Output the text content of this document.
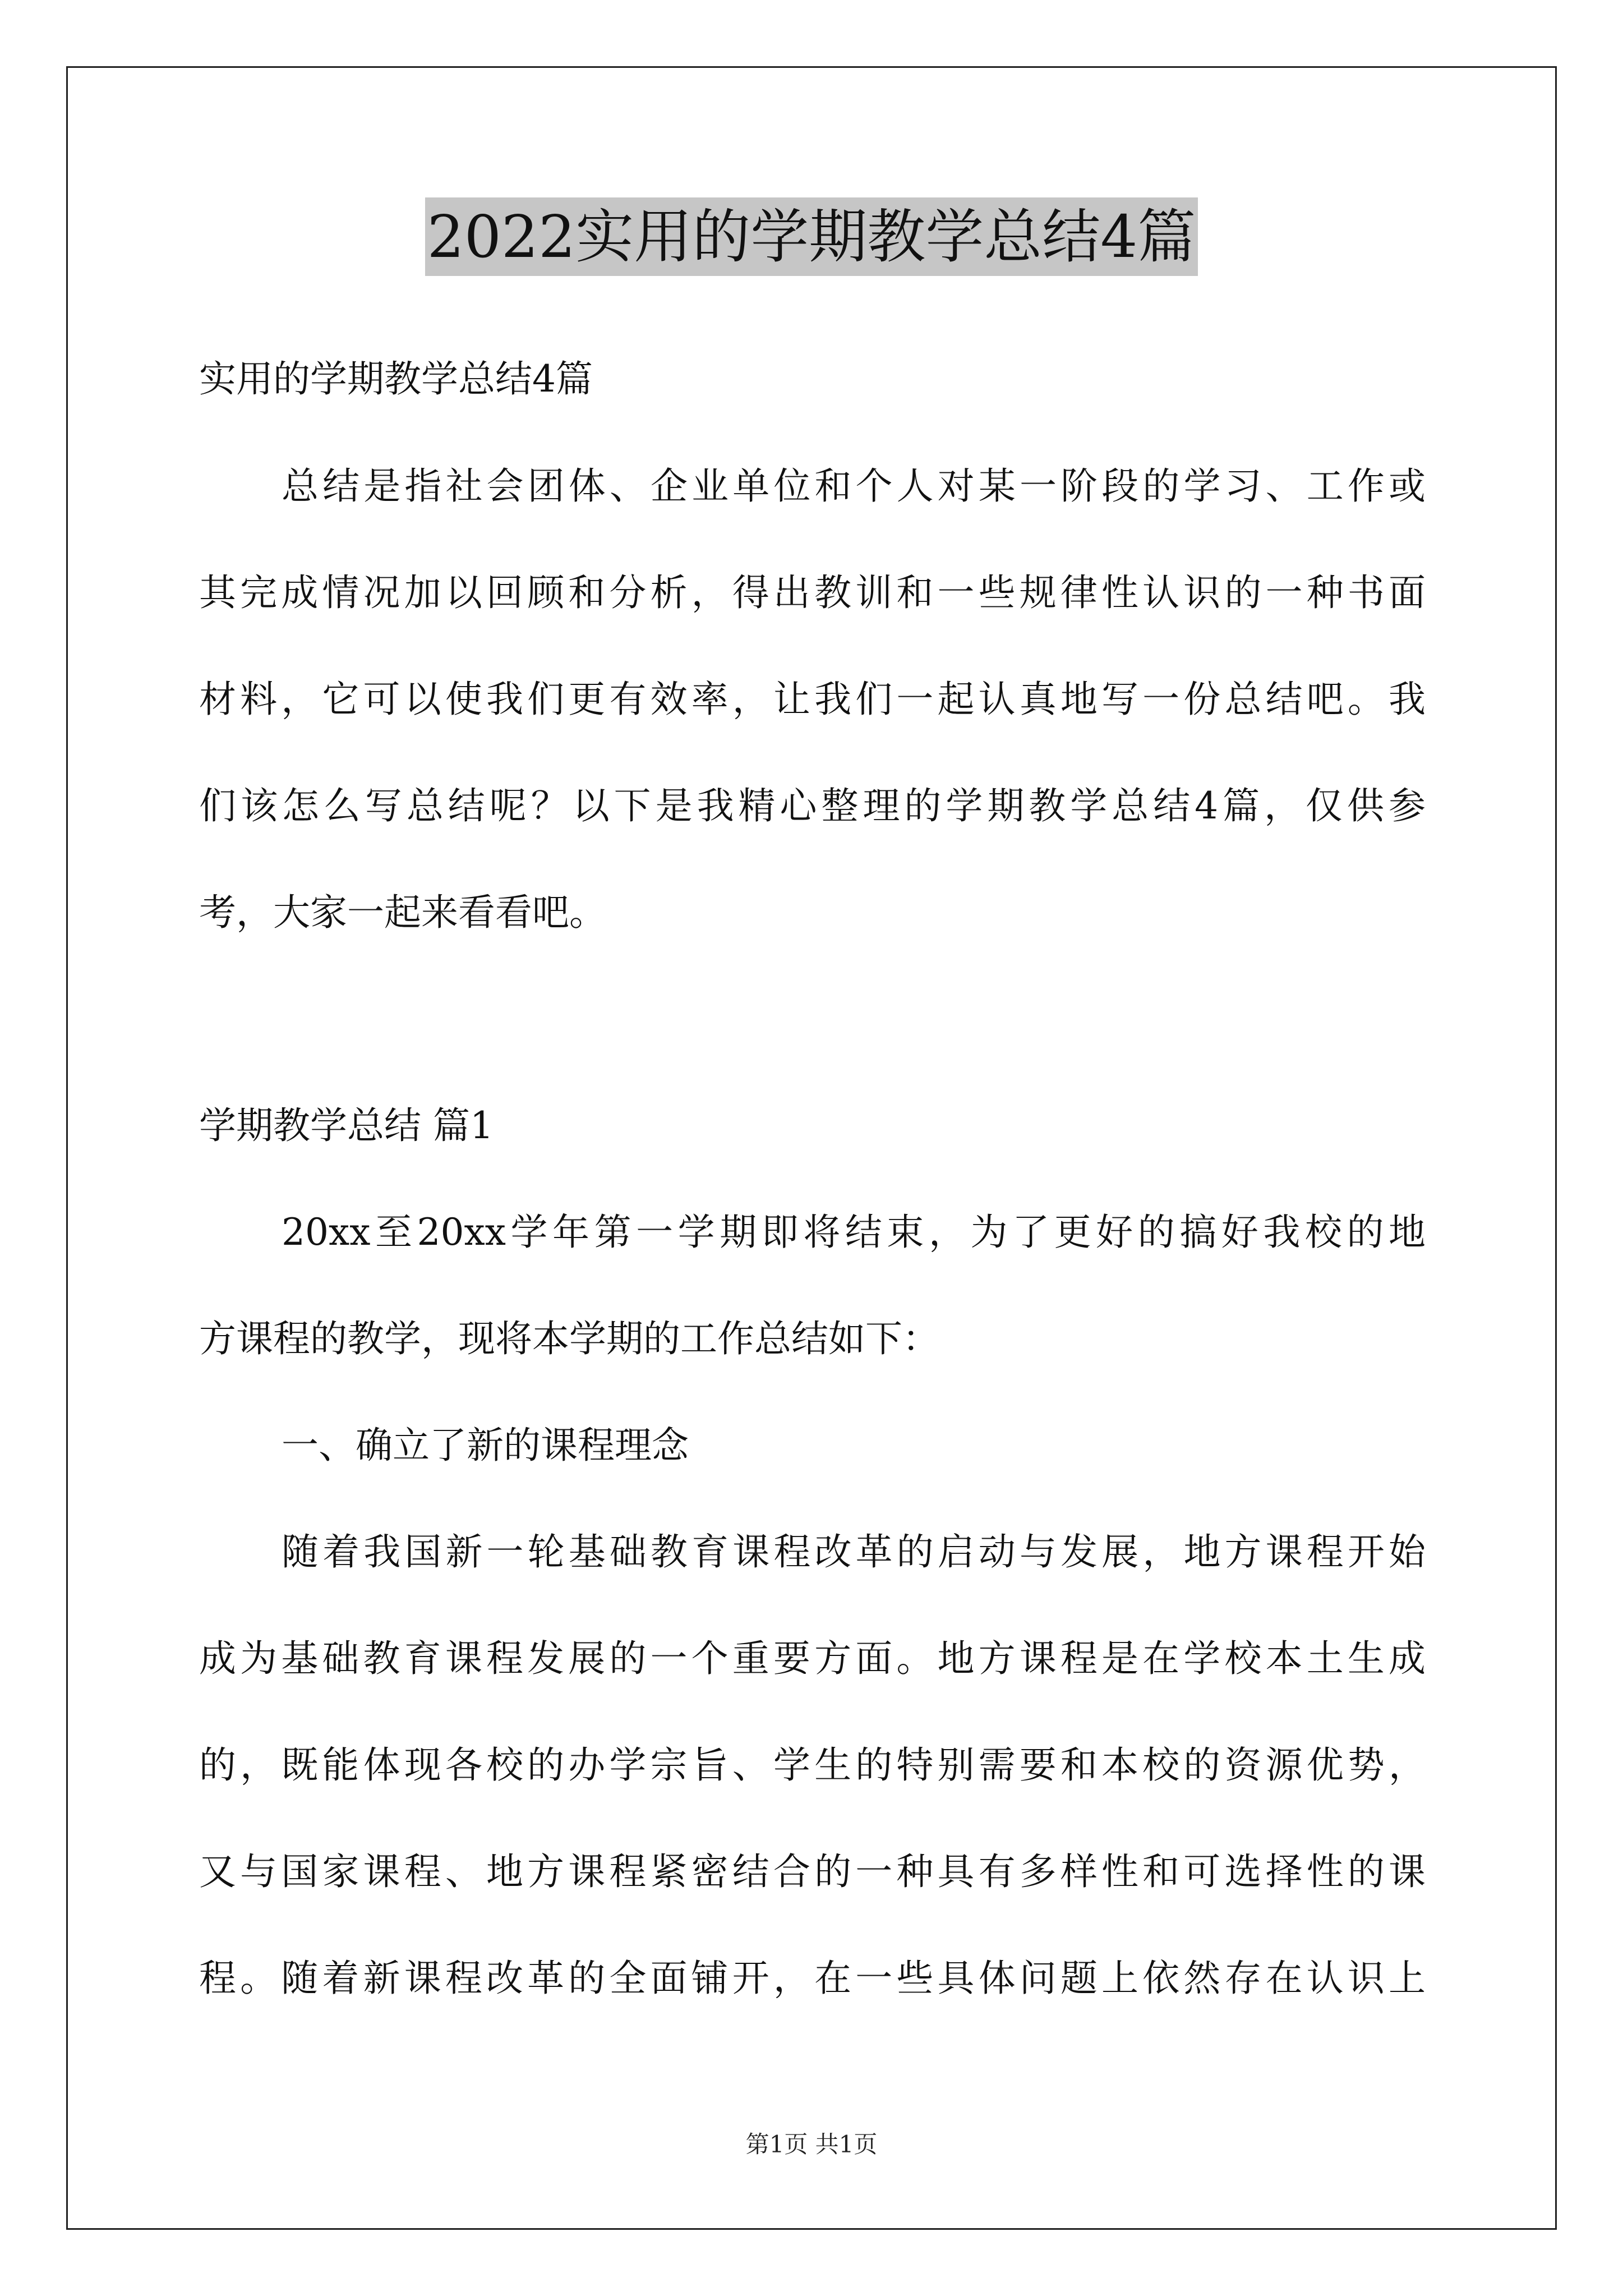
2022实用的学期教学总结4篇
实用的学期教学总结4篇
总结是指社会团体、企业单位和个人对某一阶段的学习、工作或
其完成情况加以回顾和分析，得出教训和一些规律性认识的一种书面
材料，它可以使我们更有效率，让我们一起认真地写一份总结吧。我
们该怎么写总结呢？以下是我精心整理的学期教学总结4篇，仅供参
考，大家一起来看看吧。
学期教学总结 篇1
20xx至20xx学年第一学期即将结束，为了更好的搞好我校的地
方课程的教学，现将本学期的工作总结如下：
一、确立了新的课程理念
随着我国新一轮基础教育课程改革的启动与发展，地方课程开始
成为基础教育课程发展的一个重要方面。地方课程是在学校本土生成
的，既能体现各校的办学宗旨、学生的特别需要和本校的资源优势，
又与国家课程、地方课程紧密结合的一种具有多样性和可选择性的课
程。随着新课程改革的全面铺开，在一些具体问题上依然存在认识上
第1页 共1页
